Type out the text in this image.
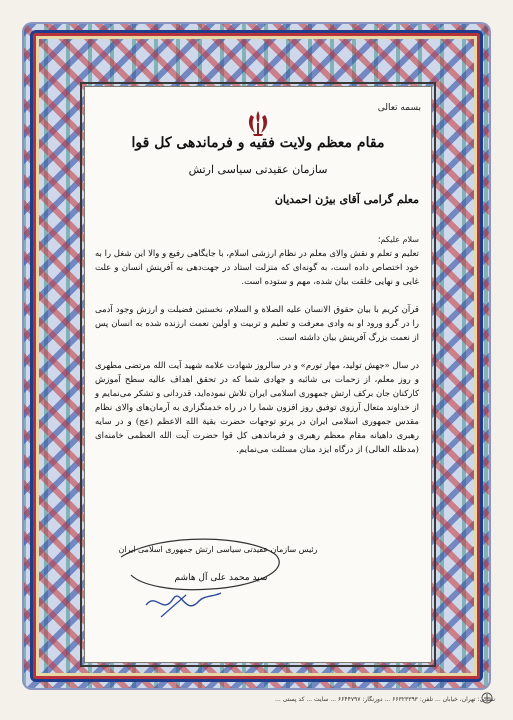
بسمه تعالی
مقام معظم ولایت فقیه و فرماندهی کل قوا
سازمان عقیدتی سیاسی ارتش
معلم گرامی آقای بیژن احمدیان
سلام علیکم؛

تعلیم و تعلم و نقش والای معلم در نظام ارزشی اسلام، با جایگاهی رفیع و والا این شغل را به خود اختصاص داده است، به گونه‌ای که منزلت استاد در جهت‌دهی به آفرینش انسان و علت غایی و نهایی خلقت بیان شده، مهم و ستوده است.

قرآن کریم با بیان حقوق الانسان علیه الصلاة و السلام، نخستین فضیلت و ارزش وجود آدمی را در گرو ورود او به وادی معرفت و تعلیم و تربیت و اولین نعمت ارزنده شده به انسان پس از نعمت بزرگ آفرینش بیان داشته است.

در سال «جهش تولید، مهار تورم» و در سالروز شهادت علامه شهید آیت الله مرتضی مطهری و روز معلم، از زحمات بی شائبه و جهادی شما که در تحقق اهداف عالیه سطح آموزش کارکنان جان برکف ارتش جمهوری اسلامی ایران تلاش نموده‌اید، قدردانی و تشکر می‌نمایم و از خداوند متعال آرزوی توفیق روز افزون شما را در راه خدمتگزاری به آرمان‌های والای نظام مقدس جمهوری اسلامی ایران در پرتو توجهات حضرت بقیة الله الاعظم (عج) و در سایه رهبری داهیانه مقام معظم رهبری و فرماندهی کل قوا حضرت آیت الله العظمی خامنه‌ای (مدظله العالی) از درگاه ایزد منان مسئلت می‌نمایم.

رئیس سازمان عقیدتی سیاسی ارتش جمهوری اسلامی ایران
سید محمد علی آل هاشم
نشانی: تهران، خیابان ... تلفن: ۶۶۳۲۳۳۹۳ ... دورنگار: ۶۶۴۴۷۹۷ ... سایت ... کد پستی ...
